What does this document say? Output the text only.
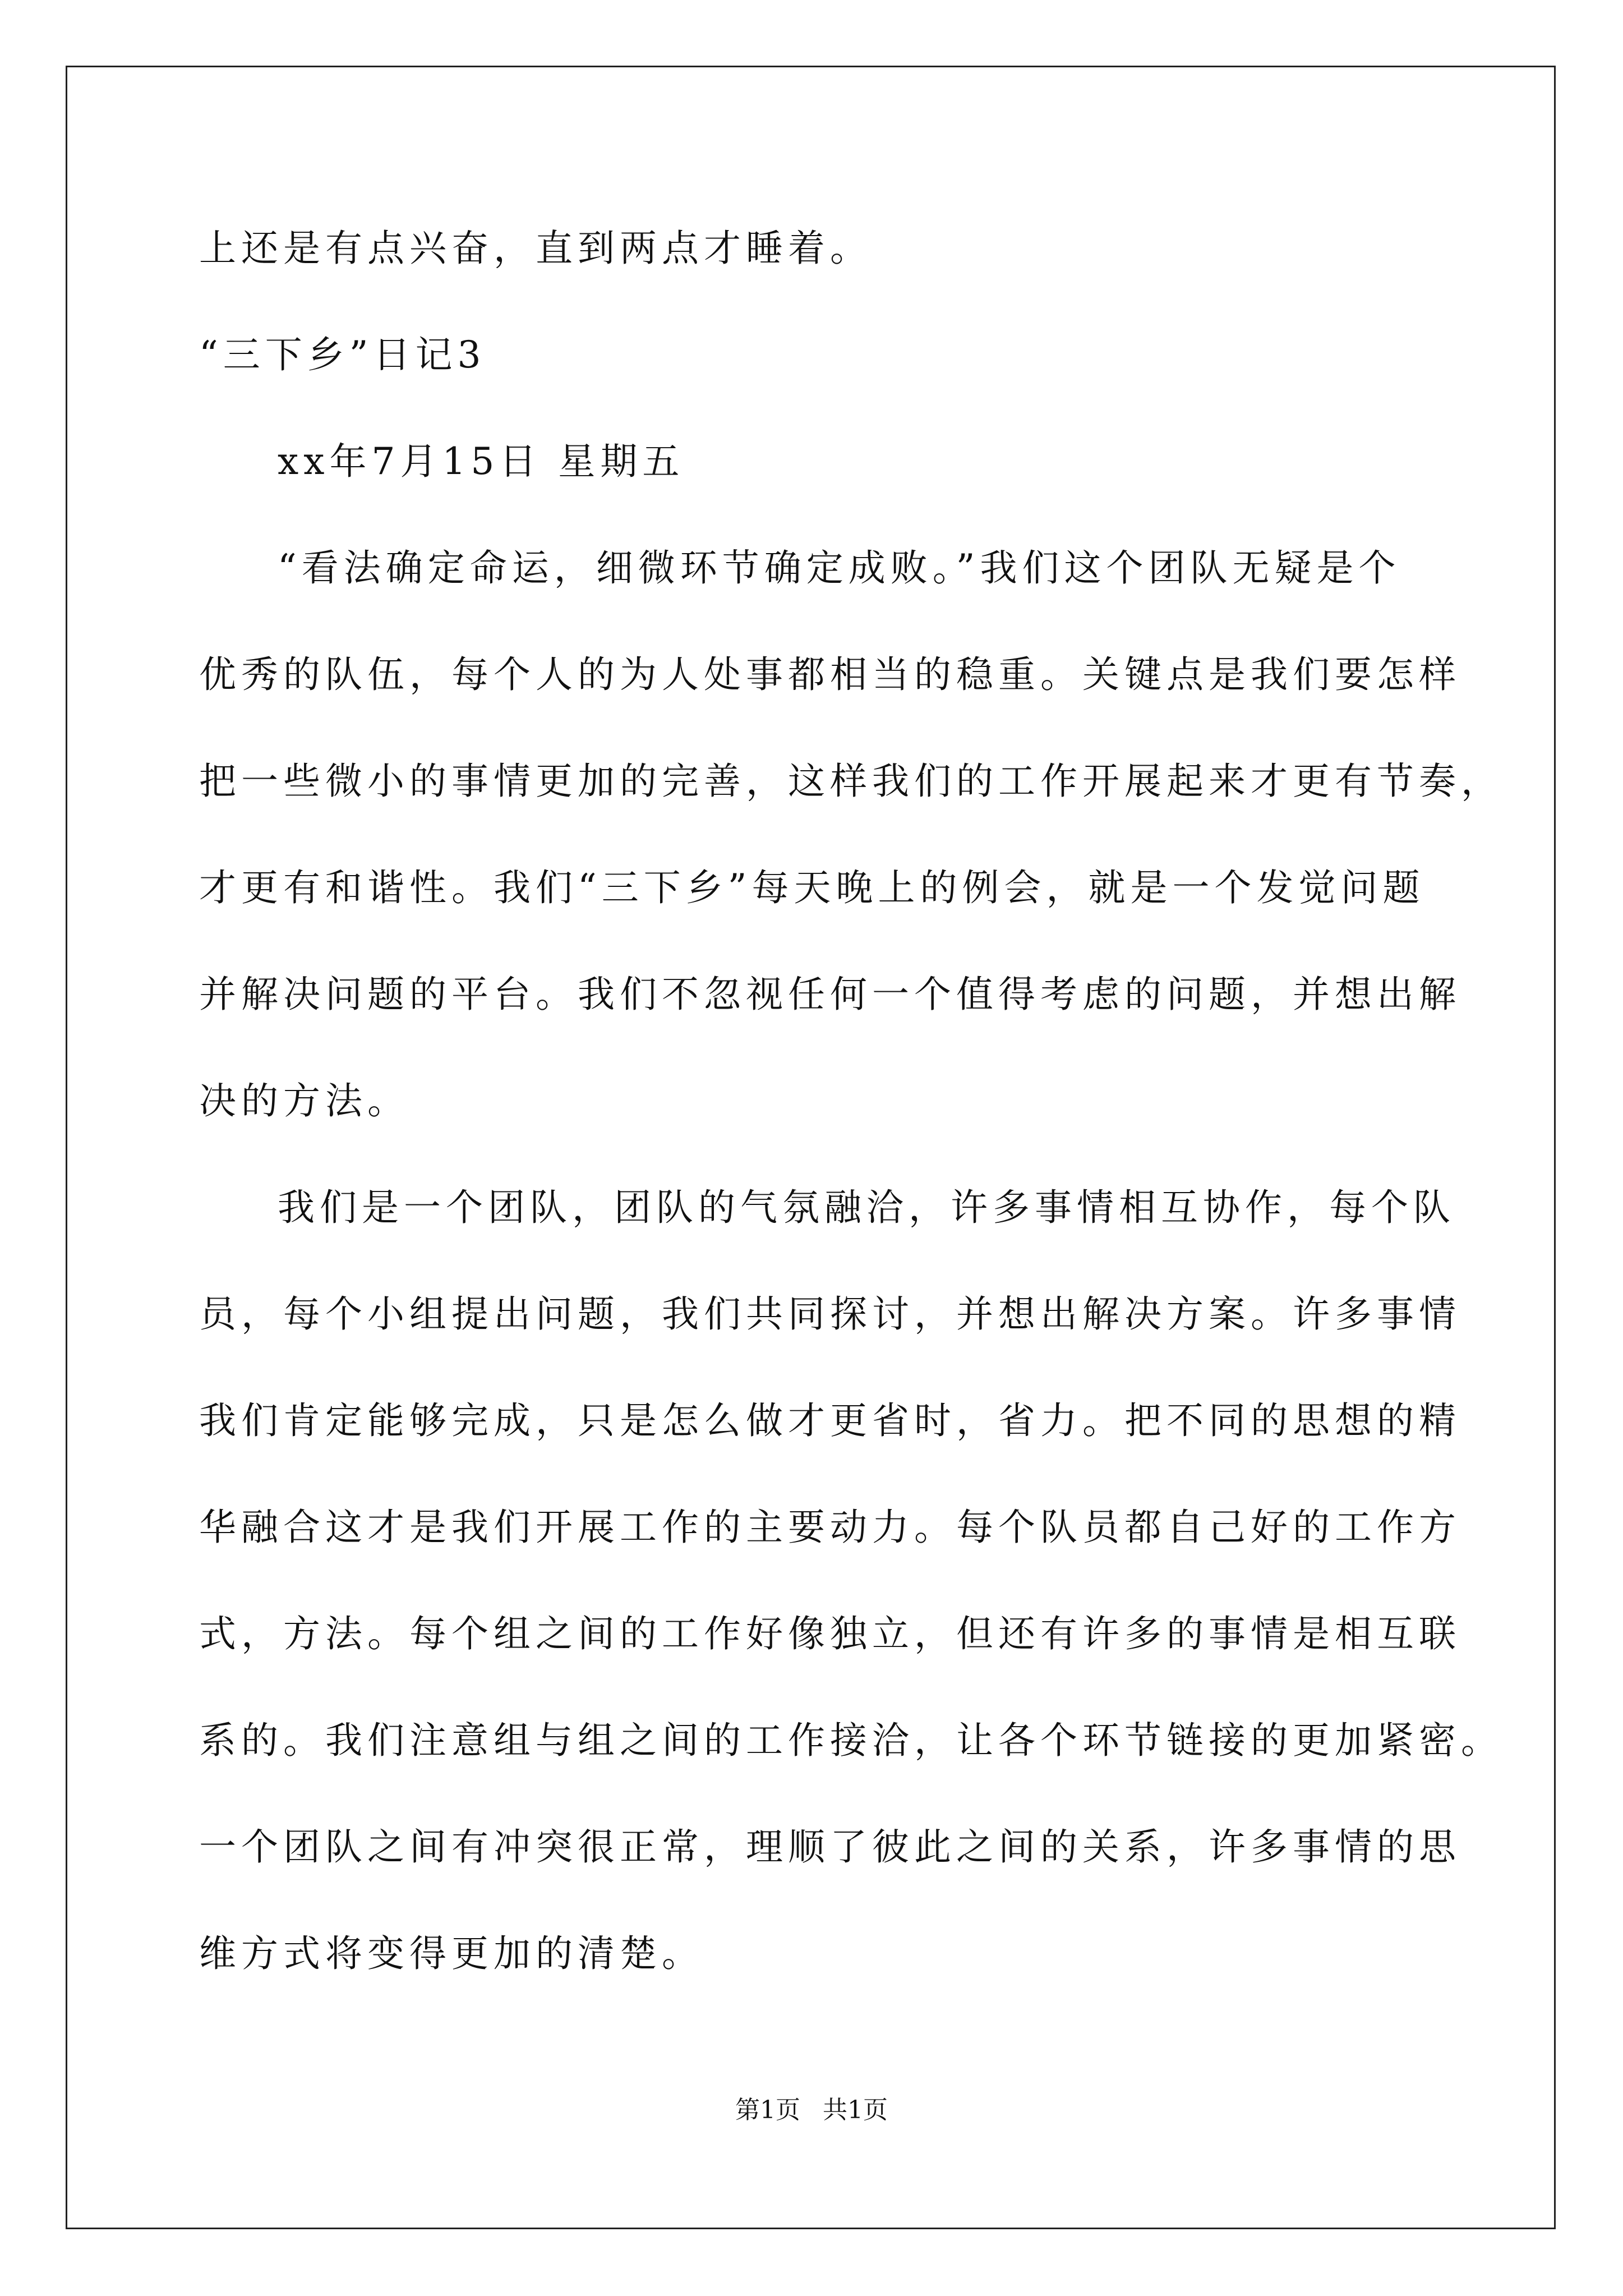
上还是有点兴奋，直到两点才睡着。
“三下乡”日记3
xx年7月15日 星期五
“看法确定命运，细微环节确定成败。”我们这个团队无疑是个
优秀的队伍，每个人的为人处事都相当的稳重。关键点是我们要怎样
把一些微小的事情更加的完善，这样我们的工作开展起来才更有节奏，
才更有和谐性。我们“三下乡”每天晚上的例会，就是一个发觉问题
并解决问题的平台。我们不忽视任何一个值得考虑的问题，并想出解
决的方法。
我们是一个团队，团队的气氛融洽，许多事情相互协作，每个队
员，每个小组提出问题，我们共同探讨，并想出解决方案。许多事情
我们肯定能够完成，只是怎么做才更省时，省力。把不同的思想的精
华融合这才是我们开展工作的主要动力。每个队员都自己好的工作方
式，方法。每个组之间的工作好像独立，但还有许多的事情是相互联
系的。我们注意组与组之间的工作接洽，让各个环节链接的更加紧密。
一个团队之间有冲突很正常，理顺了彼此之间的关系，许多事情的思
维方式将变得更加的清楚。
第1页 共1页
